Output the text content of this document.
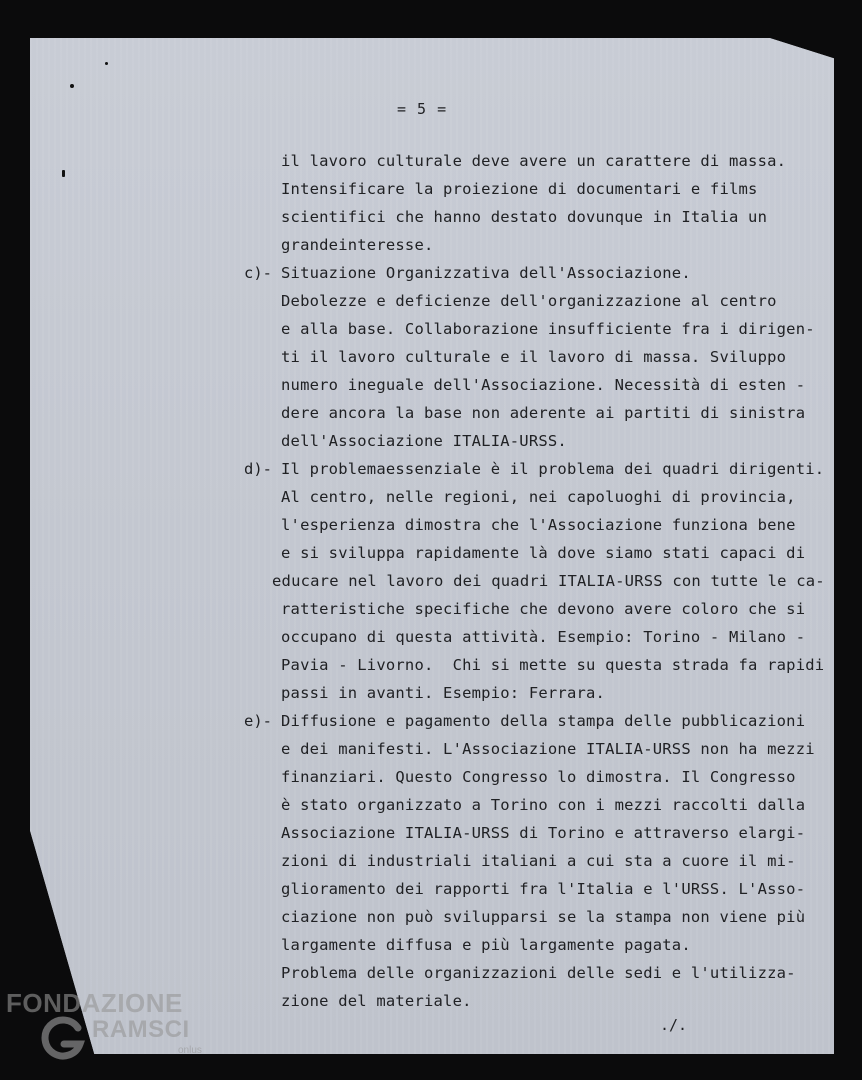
= 5 =
il lavoro culturale deve avere un carattere di massa.
Intensificare la proiezione di documentari e films
scientifici che hanno destato dovunque in Italia un
grandeinteresse.
c)- Situazione Organizzativa dell'Associazione.
Debolezze e deficienze dell'organizzazione al centro
e alla base. Collaborazione insufficiente fra i dirigen-
ti il lavoro culturale e il lavoro di massa. Sviluppo
numero ineguale dell'Associazione. Necessità di esten -
dere ancora la base non aderente ai partiti di sinistra
dell'Associazione ITALIA-URSS.
d)- Il problemaessenziale è il problema dei quadri dirigenti.
Al centro, nelle regioni, nei capoluoghi di provincia,
l'esperienza dimostra che l'Associazione funziona bene
e si sviluppa rapidamente là dove siamo stati capaci di
educare nel lavoro dei quadri ITALIA-URSS con tutte le ca-
ratteristiche specifiche che devono avere coloro che si
occupano di questa attività. Esempio: Torino - Milano -
Pavia - Livorno.  Chi si mette su questa strada fa rapidi
passi in avanti. Esempio: Ferrara.
e)- Diffusione e pagamento della stampa delle pubblicazioni
e dei manifesti. L'Associazione ITALIA-URSS non ha mezzi
finanziari. Questo Congresso lo dimostra. Il Congresso
è stato organizzato a Torino con i mezzi raccolti dalla
Associazione ITALIA-URSS di Torino e attraverso elargi-
zioni di industriali italiani a cui sta a cuore il mi-
glioramento dei rapporti fra l'Italia e l'URSS. L'Asso-
ciazione non può svilupparsi se la stampa non viene più
largamente diffusa e più largamente pagata.
Problema delle organizzazioni delle sedi e l'utilizza-
zione del materiale.
./.
FONDAZIONE
RAMSCI
onlus
